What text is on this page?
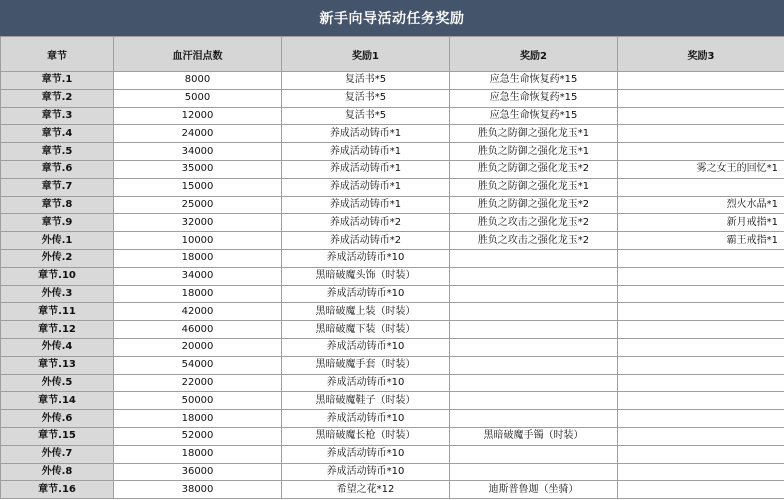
新手向导活动任务奖励
章节	血汗泪点数	奖励1	奖励2	奖励3
章节.1	8000	复活书*5	应急生命恢复药*15	
章节.2	5000	复活书*5	应急生命恢复药*15	
章节.3	12000	复活书*5	应急生命恢复药*15	
章节.4	24000	养成活动铸币*1	胜负之防御之强化龙玉*1	
章节.5	34000	养成活动铸币*1	胜负之防御之强化龙玉*1	
章节.6	35000	养成活动铸币*1	胜负之防御之强化龙玉*2	雾之女王的回忆*1
章节.7	15000	养成活动铸币*1	胜负之防御之强化龙玉*1	
章节.8	25000	养成活动铸币*1	胜负之防御之强化龙玉*2	烈火水晶*1
章节.9	32000	养成活动铸币*2	胜负之攻击之强化龙玉*2	新月戒指*1
外传.1	10000	养成活动铸币*2	胜负之攻击之强化龙玉*2	霸王戒指*1
外传.2	18000	养成活动铸币*10		
章节.10	34000	黑暗破魔头饰（时装）		
外传.3	18000	养成活动铸币*10		
章节.11	42000	黑暗破魔上装（时装）		
章节.12	46000	黑暗破魔下装（时装）		
外传.4	20000	养成活动铸币*10		
章节.13	54000	黑暗破魔手套（时装）		
外传.5	22000	养成活动铸币*10		
章节.14	50000	黑暗破魔鞋子（时装）		
外传.6	18000	养成活动铸币*10		
章节.15	52000	黑暗破魔长枪（时装）	黑暗破魔手镯（时装）	
外传.7	18000	养成活动铸币*10		
外传.8	36000	养成活动铸币*10		
章节.16	38000	希望之花*12	迪斯普鲁迦（坐骑）	
